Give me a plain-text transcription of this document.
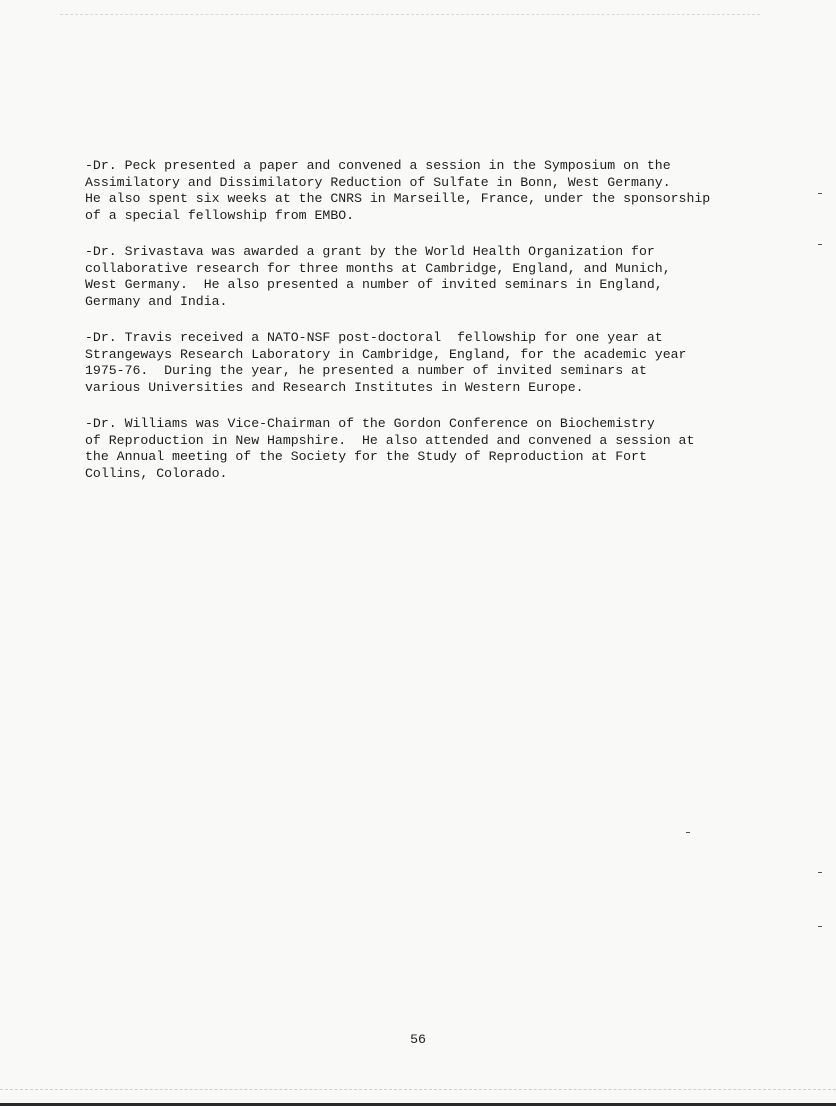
-Dr. Peck presented a paper and convened a session in the Symposium on the
Assimilatory and Dissimilatory Reduction of Sulfate in Bonn, West Germany.
He also spent six weeks at the CNRS in Marseille, France, under the sponsorship
of a special fellowship from EMBO.
-Dr. Srivastava was awarded a grant by the World Health Organization for
collaborative research for three months at Cambridge, England, and Munich,
West Germany.  He also presented a number of invited seminars in England,
Germany and India.
-Dr. Travis received a NATO-NSF post-doctoral  fellowship for one year at
Strangeways Research Laboratory in Cambridge, England, for the academic year
1975-76.  During the year, he presented a number of invited seminars at
various Universities and Research Institutes in Western Europe.
-Dr. Williams was Vice-Chairman of the Gordon Conference on Biochemistry
of Reproduction in New Hampshire.  He also attended and convened a session at
the Annual meeting of the Society for the Study of Reproduction at Fort
Collins, Colorado.
56
